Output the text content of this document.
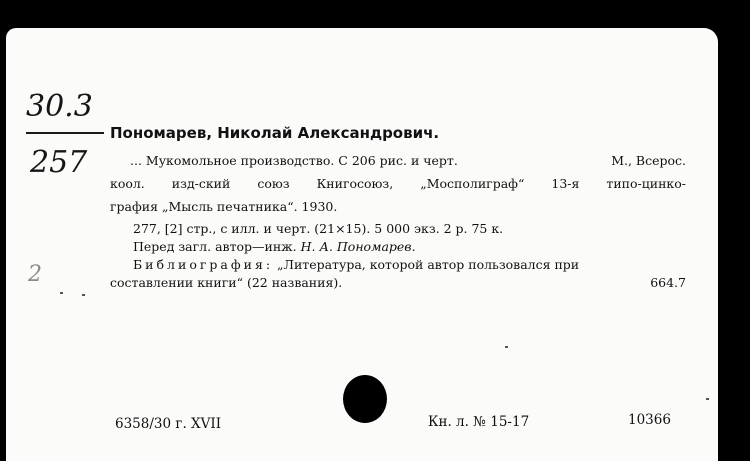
30.3
257
Пономарев, Николай Александрович.
... Мукомольное производство. С 206 рис. и черт.	М., Всерос.
коол. изд-ский союз Книгосоюз, „Мосполиграф“ 13-я типо-цинко-
графия „Мысль печатника“. 1930.
277, [2] стр., с илл. и черт. (21×15). 5 000 экз. 2 р. 75 к.
Перед загл. автор—инж. Н. А. Пономарев.
Библиография: „Литература, которой автор пользовался при
составлении книги“ (22 названия).	664.7
2
6358/30 г. XVII	Кн. л. № 15-17	10366
